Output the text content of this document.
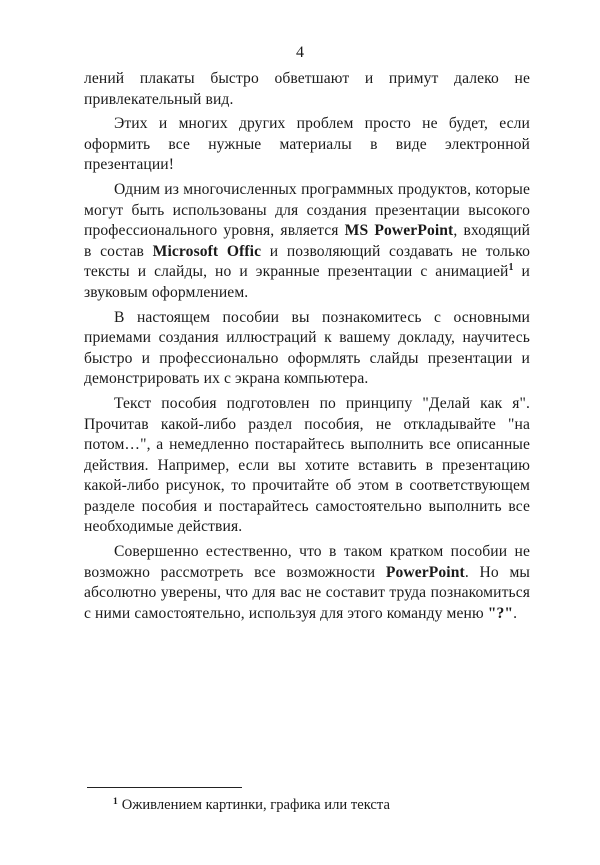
4

лений плакаты быстро обветшают и примут далеко не привлекательный вид.

Этих и многих других проблем просто не будет, если оформить все нужные материалы в виде электронной презентации!

Одним из многочисленных программных продуктов, которые могут быть использованы для создания презентации высокого профессионального уровня, является MS PowerPoint, входящий в состав Microsoft Offic и позволяющий создавать не только тексты и слайды, но и экранные презентации с анимацией$^1$ и звуковым оформлением.

В настоящем пособии вы познакомитесь с основными приемами создания иллюстраций к вашему докладу, научитесь быстро и профессионально оформлять слайды презентации и демонстрировать их с экрана компьютера.

Текст пособия подготовлен по принципу "Делай как я". Прочитав какой-либо раздел пособия, не откладывайте "на потом…", а немедленно постарайтесь выполнить все описанные действия. Например, если вы хотите вставить в презентацию какой-либо рисунок, то прочитайте об этом в соответствующем разделе пособия и постарайтесь самостоятельно выполнить все необходимые действия.

Совершенно естественно, что в таком кратком пособии не возможно рассмотреть все возможности PowerPoint. Но мы абсолютно уверены, что для вас не составит труда познакомиться с ними самостоятельно, используя для этого команду меню "?".

$^1$ Оживлением картинки, графика или текста
